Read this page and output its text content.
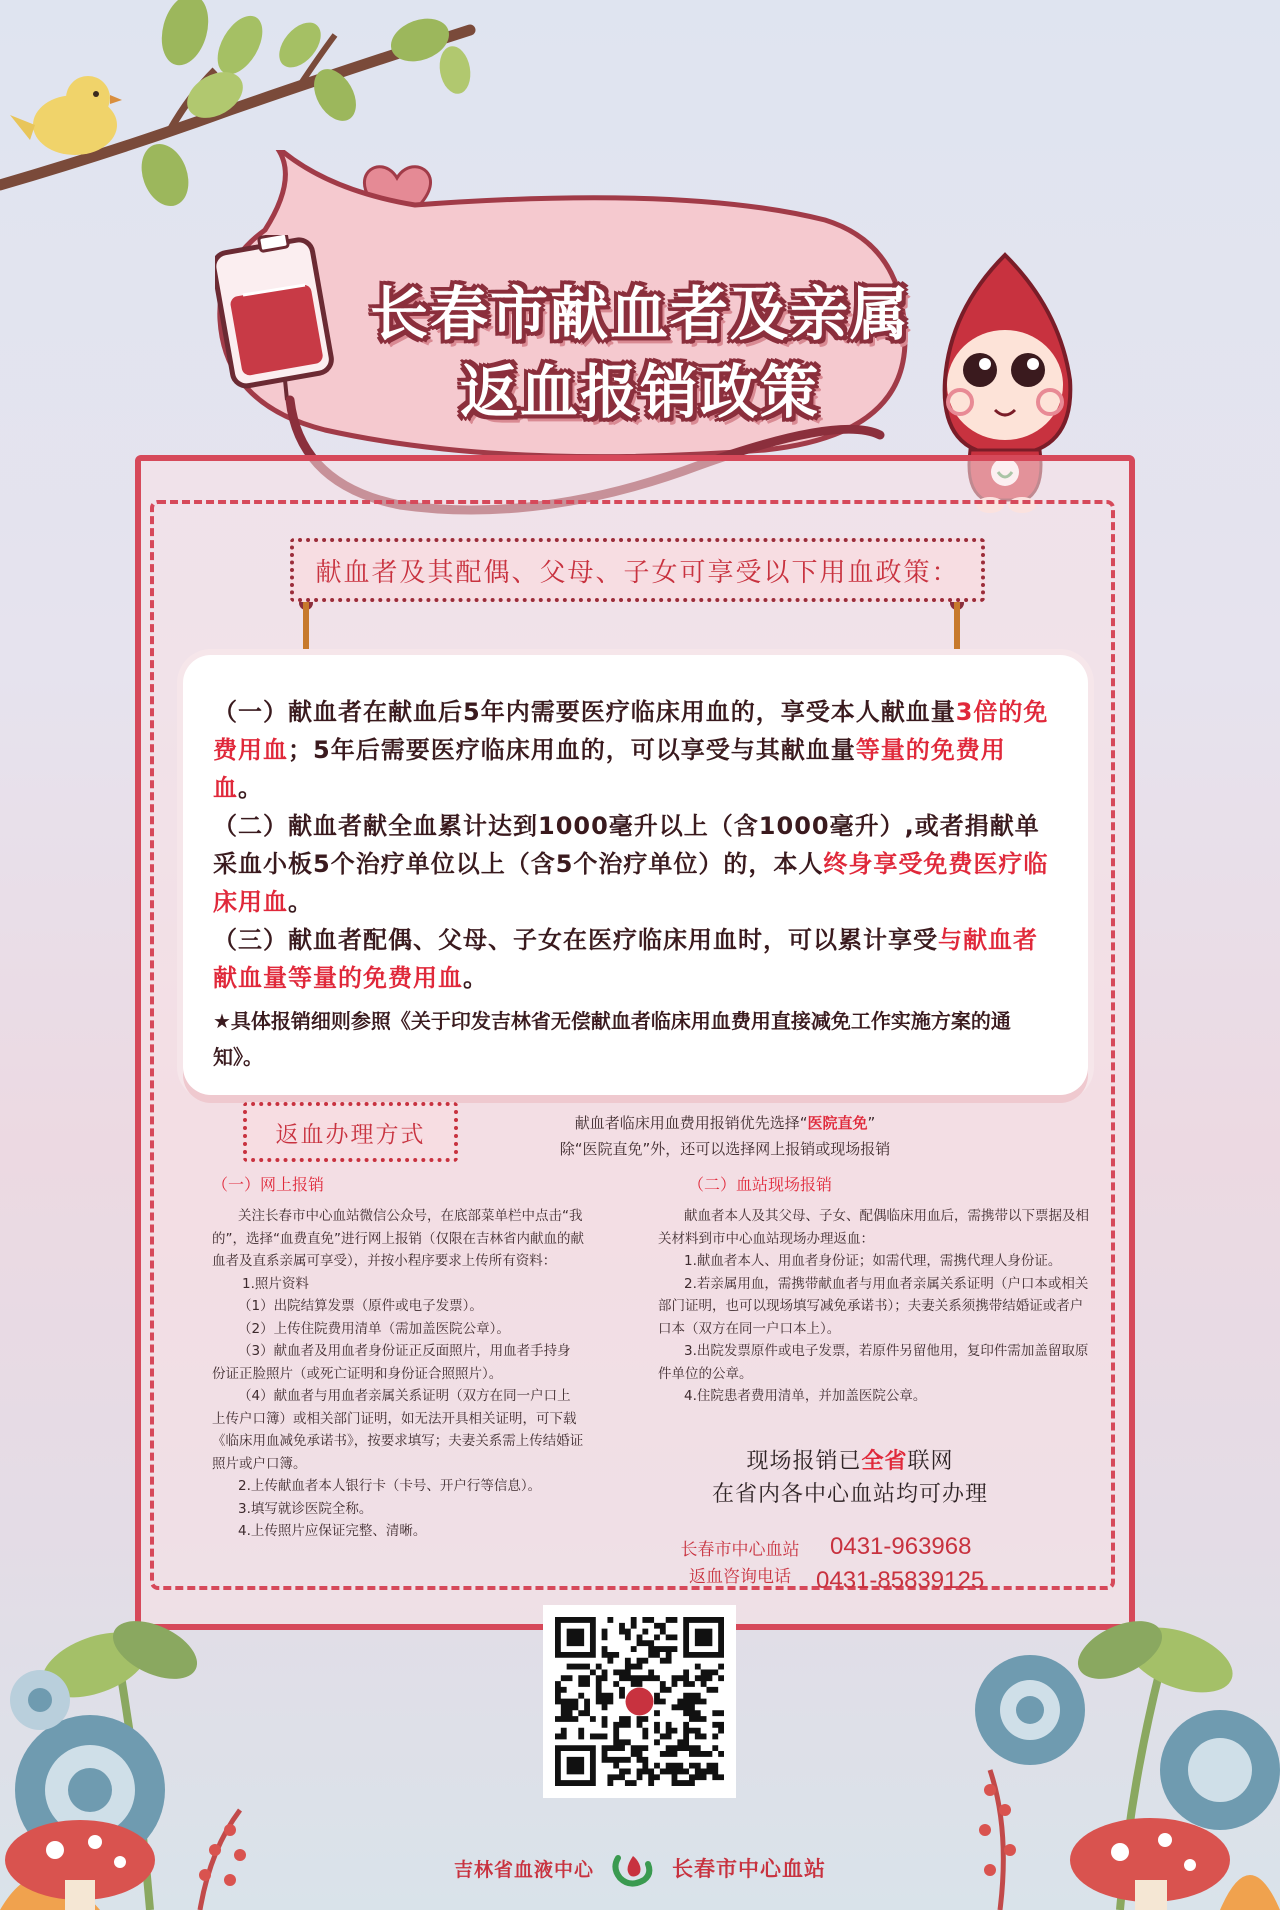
长春市献血者及亲属
返血报销政策
献血者及其配偶、父母、子女可享受以下用血政策：
（一）献血者在献血后5年内需要医疗临床用血的，享受本人献血量3倍的免费用血；5年后需要医疗临床用血的，可以享受与其献血量等量的免费用血。
（二）献血者献全血累计达到1000毫升以上（含1000毫升）,或者捐献单采血小板5个治疗单位以上（含5个治疗单位）的，本人终身享受免费医疗临床用血。
（三）献血者配偶、父母、子女在医疗临床用血时，可以累计享受与献血者献血量等量的免费用血。
★具体报销细则参照《关于印发吉林省无偿献血者临床用血费用直接减免工作实施方案的通知》。
返血办理方式	献血者临床用血费用报销优先选择“医院直免”
除“医院直免”外，还可以选择网上报销或现场报销
（一）网上报销

关注长春市中心血站微信公众号，在底部菜单栏中点击“我的”，选择“血费直免”进行网上报销（仅限在吉林省内献血的献血者及直系亲属可享受），并按小程序要求上传所有资料：

1.照片资料

（1）出院结算发票（原件或电子发票）。

（2）上传住院费用清单（需加盖医院公章）。

（3）献血者及用血者身份证正反面照片，用血者手持身份证正脸照片（或死亡证明和身份证合照照片）。

（4）献血者与用血者亲属关系证明（双方在同一户口上上传户口簿）或相关部门证明，如无法开具相关证明，可下载《临床用血减免承诺书》，按要求填写；夫妻关系需上传结婚证照片或户口簿。

2.上传献血者本人银行卡（卡号、开户行等信息）。

3.填写就诊医院全称。

4.上传照片应保证完整、清晰。

（二）血站现场报销

献血者本人及其父母、子女、配偶临床用血后，需携带以下票据及相关材料到市中心血站现场办理返血：

1.献血者本人、用血者身份证；如需代理，需携代理人身份证。

2.若亲属用血，需携带献血者与用血者亲属关系证明（户口本或相关部门证明，也可以现场填写减免承诺书）；夫妻关系须携带结婚证或者户口本（双方在同一户口本上）。

3.出院发票原件或电子发票，若原件另留他用，复印件需加盖留取原件单位的公章。

4.住院患者费用清单，并加盖医院公章。

现场报销已全省联网
在省内各中心血站均可办理
长春市中心血站
返血咨询电话
0431-963968
0431-85839125
吉林省血液中心	长春市中心血站
